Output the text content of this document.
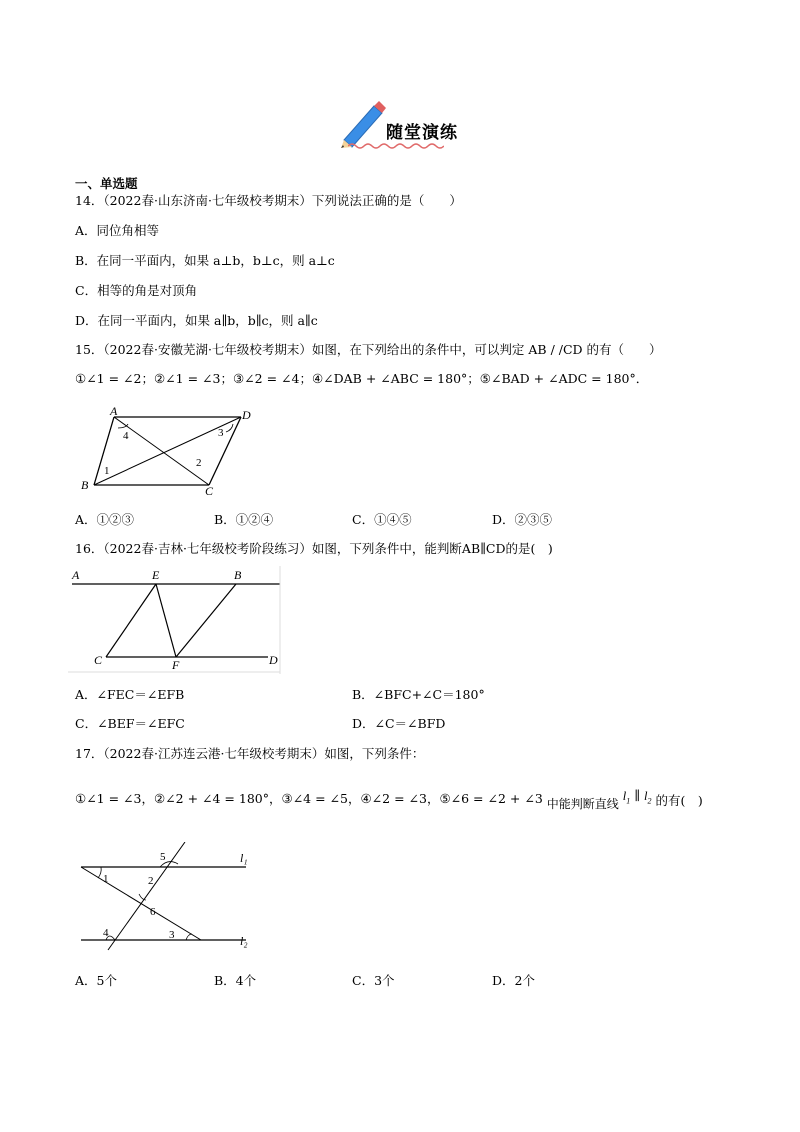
随堂演练
一、单选题
14．（2022春·山东济南·七年级校考期末）下列说法正确的是（　　）
A．同位角相等
B．在同一平面内，如果 a⊥b，b⊥c，则 a⊥c
C．相等的角是对顶角
D．在同一平面内，如果 a∥b，b∥c，则 a∥c
15．（2022春·安徽芜湖·七年级校考期末）如图，在下列给出的条件中，可以判定 AB / /CD 的有（　　）
①∠1 = ∠2；②∠1 = ∠3；③∠2 = ∠4；④∠DAB + ∠ABC = 180°；⑤∠BAD + ∠ADC = 180°．
A	D
B	C
4	3
1
2
A．①②③	B．①②④	C．①④⑤	D．②③⑤
16．（2022春·吉林·七年级校考阶段练习）如图，下列条件中，能判断AB∥CD的是(　)
A	E	B
C	F	D
A．∠FEC＝∠EFB	B．∠BFC+∠C＝180°
C．∠BEF＝∠EFC	D．∠C＝∠BFD
17．（2022春·江苏连云港·七年级校考期末）如图，下列条件：
①∠1 = ∠3，②∠2 + ∠4 = 180°，③∠4 = ∠5，④∠2 = ∠3，⑤∠6 = ∠2 + ∠3 中能判断直线 $l_1$ ∥ $l_2$ 的有(　)
5	l₁
1	2
6
4	3	l₂
A．5个	B．4个	C．3个	D．2个
